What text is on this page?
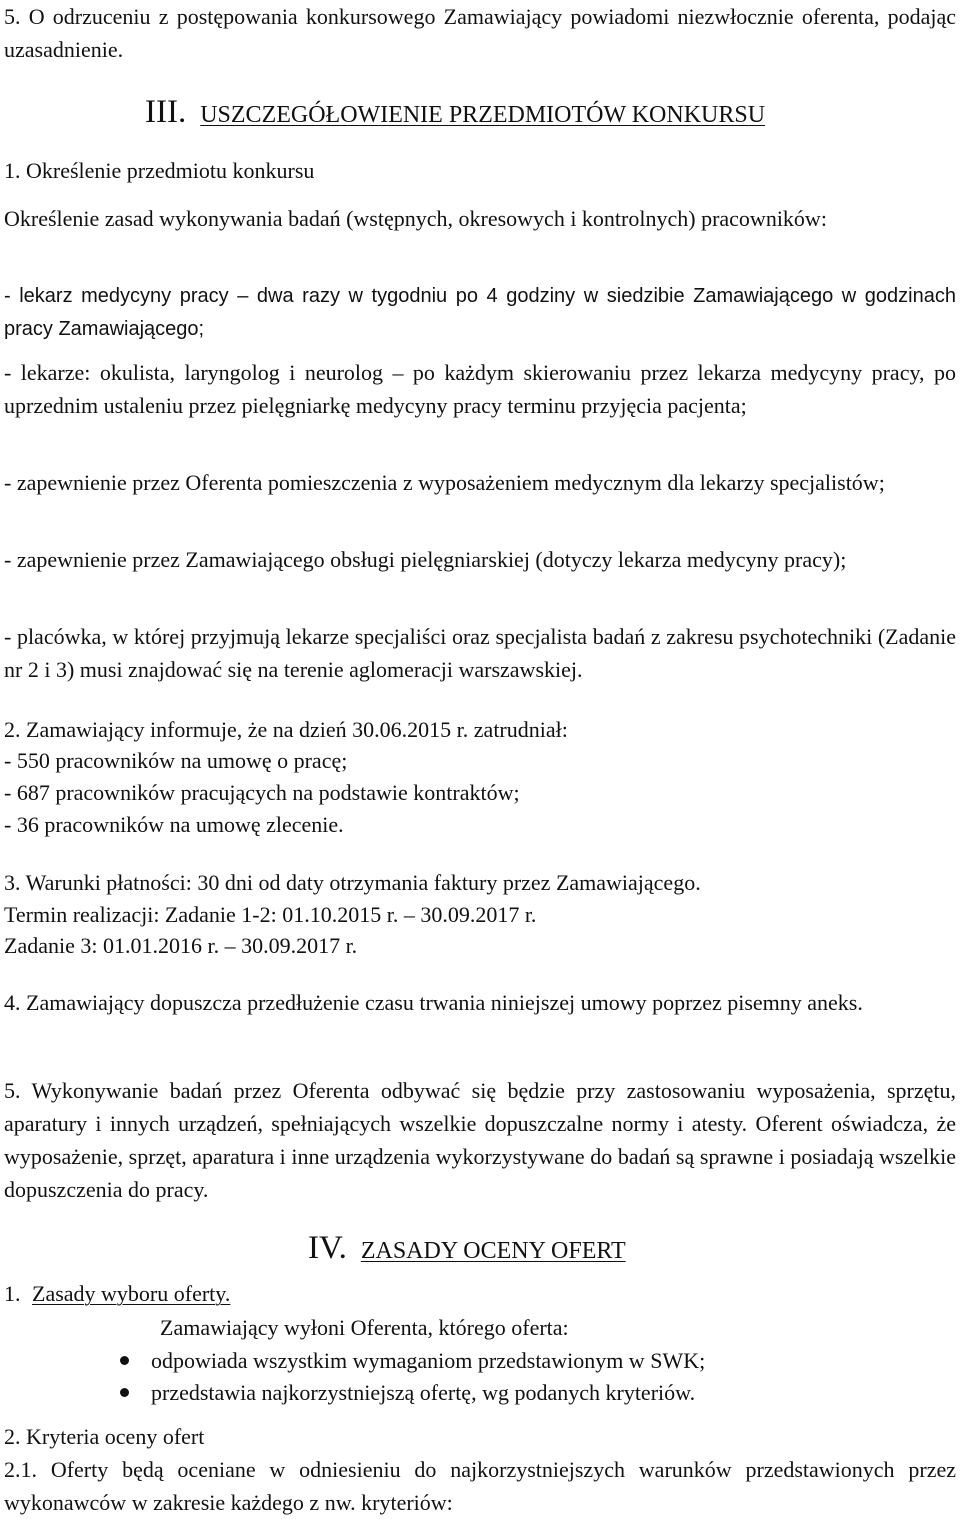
5. O odrzuceniu z postępowania konkursowego Zamawiający powiadomi niezwłocznie oferenta, podając uzasadnienie.

III. USZCZEGÓŁOWIENIE PRZEDMIOTÓW KONKURSU

1. Określenie przedmiotu konkursu

Określenie zasad wykonywania badań (wstępnych, okresowych i kontrolnych) pracowników:

- lekarz medycyny pracy – dwa razy w tygodniu po 4 godziny w siedzibie Zamawiającego w godzinach pracy Zamawiającego;

- lekarze: okulista, laryngolog i neurolog – po każdym skierowaniu przez lekarza medycyny pracy, po uprzednim ustaleniu przez pielęgniarkę medycyny pracy terminu przyjęcia pacjenta;

- zapewnienie przez Oferenta pomieszczenia z wyposażeniem medycznym dla lekarzy specjalistów;

- zapewnienie przez Zamawiającego obsługi pielęgniarskiej (dotyczy lekarza medycyny pracy);

- placówka, w której przyjmują lekarze specjaliści oraz specjalista badań z zakresu psychotechniki (Zadanie nr 2 i 3) musi znajdować się na terenie aglomeracji warszawskiej.

2. Zamawiający informuje, że na dzień 30.06.2015 r. zatrudniał:

- 550 pracowników na umowę o pracę;

- 687 pracowników pracujących na podstawie kontraktów;

- 36 pracowników na umowę zlecenie.

3. Warunki płatności: 30 dni od daty otrzymania faktury przez Zamawiającego.

Termin realizacji: Zadanie 1-2: 01.10.2015 r. – 30.09.2017 r.

Zadanie 3: 01.01.2016 r. – 30.09.2017 r.

4. Zamawiający dopuszcza przedłużenie czasu trwania niniejszej umowy poprzez pisemny aneks.

5. Wykonywanie badań przez Oferenta odbywać się będzie przy zastosowaniu wyposażenia, sprzętu, aparatury i innych urządzeń, spełniających wszelkie dopuszczalne normy i atesty. Oferent oświadcza, że wyposażenie, sprzęt, aparatura i inne urządzenia wykorzystywane do badań są sprawne i posiadają wszelkie dopuszczenia do pracy.

IV. ZASADY OCENY OFERT

1. Zasady wyboru oferty.

Zamawiający wyłoni Oferenta, którego oferta:

odpowiada wszystkim wymaganiom przedstawionym w SWK;
przedstawia najkorzystniejszą ofertę, wg podanych kryteriów.

2. Kryteria oceny ofert

2.1. Oferty będą oceniane w odniesieniu do najkorzystniejszych warunków przedstawionych przez wykonawców w zakresie każdego z nw. kryteriów:
